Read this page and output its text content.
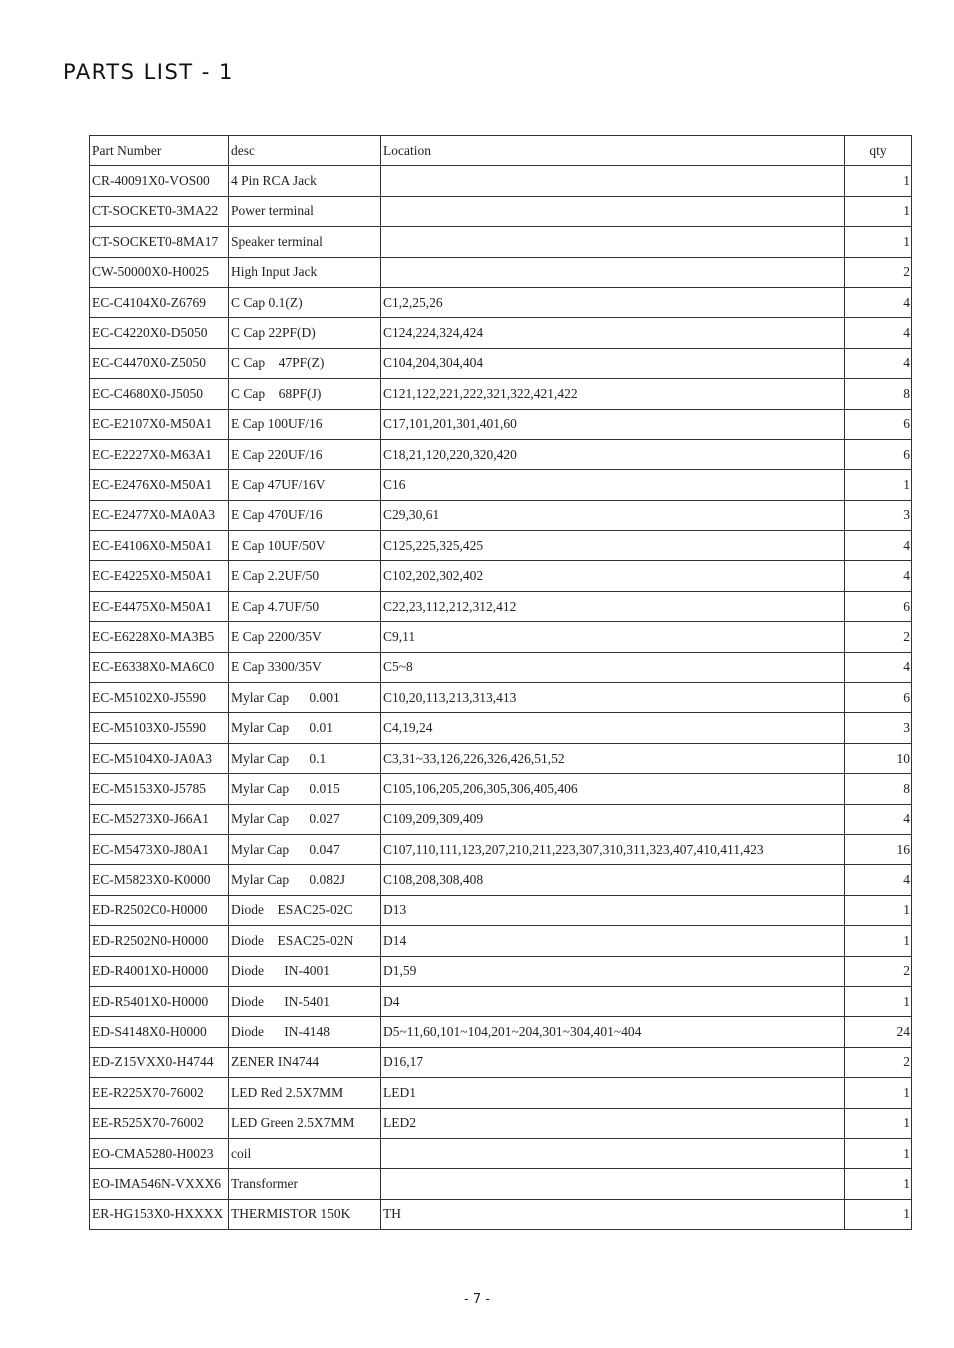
PARTS LIST - 1
Part Number	desc	Location	qty
CR-40091X0-VOS00	4 Pin RCA Jack		1
CT-SOCKET0-3MA22	Power terminal		1
CT-SOCKET0-8MA17	Speaker terminal		1
CW-50000X0-H0025	High Input Jack		2
EC-C4104X0-Z6769	C Cap 0.1(Z)	C1,2,25,26	4
EC-C4220X0-D5050	C Cap 22PF(D)	C124,224,324,424	4
EC-C4470X0-Z5050	C Cap    47PF(Z)	C104,204,304,404	4
EC-C4680X0-J5050	C Cap    68PF(J)	C121,122,221,222,321,322,421,422	8
EC-E2107X0-M50A1	E Cap 100UF/16	C17,101,201,301,401,60	6
EC-E2227X0-M63A1	E Cap 220UF/16	C18,21,120,220,320,420	6
EC-E2476X0-M50A1	E Cap 47UF/16V	C16	1
EC-E2477X0-MA0A3	E Cap 470UF/16	C29,30,61	3
EC-E4106X0-M50A1	E Cap 10UF/50V	C125,225,325,425	4
EC-E4225X0-M50A1	E Cap 2.2UF/50	C102,202,302,402	4
EC-E4475X0-M50A1	E Cap 4.7UF/50	C22,23,112,212,312,412	6
EC-E6228X0-MA3B5	E Cap 2200/35V	C9,11	2
EC-E6338X0-MA6C0	E Cap 3300/35V	C5~8	4
EC-M5102X0-J5590	Mylar Cap      0.001	C10,20,113,213,313,413	6
EC-M5103X0-J5590	Mylar Cap      0.01	C4,19,24	3
EC-M5104X0-JA0A3	Mylar Cap      0.1	C3,31~33,126,226,326,426,51,52	10
EC-M5153X0-J5785	Mylar Cap      0.015	C105,106,205,206,305,306,405,406	8
EC-M5273X0-J66A1	Mylar Cap      0.027	C109,209,309,409	4
EC-M5473X0-J80A1	Mylar Cap      0.047	C107,110,111,123,207,210,211,223,307,310,311,323,407,410,411,423	16
EC-M5823X0-K0000	Mylar Cap      0.082J	C108,208,308,408	4
ED-R2502C0-H0000	Diode    ESAC25-02C	D13	1
ED-R2502N0-H0000	Diode    ESAC25-02N	D14	1
ED-R4001X0-H0000	Diode      IN-4001	D1,59	2
ED-R5401X0-H0000	Diode      IN-5401	D4	1
ED-S4148X0-H0000	Diode      IN-4148	D5~11,60,101~104,201~204,301~304,401~404	24
ED-Z15VXX0-H4744	ZENER IN4744	D16,17	2
EE-R225X70-76002	LED Red 2.5X7MM	LED1	1
EE-R525X70-76002	LED Green 2.5X7MM	LED2	1
EO-CMA5280-H0023	coil		1
EO-IMA546N-VXXX6	Transformer		1
ER-HG153X0-HXXXX	THERMISTOR 150K	TH	1
- 7 -
